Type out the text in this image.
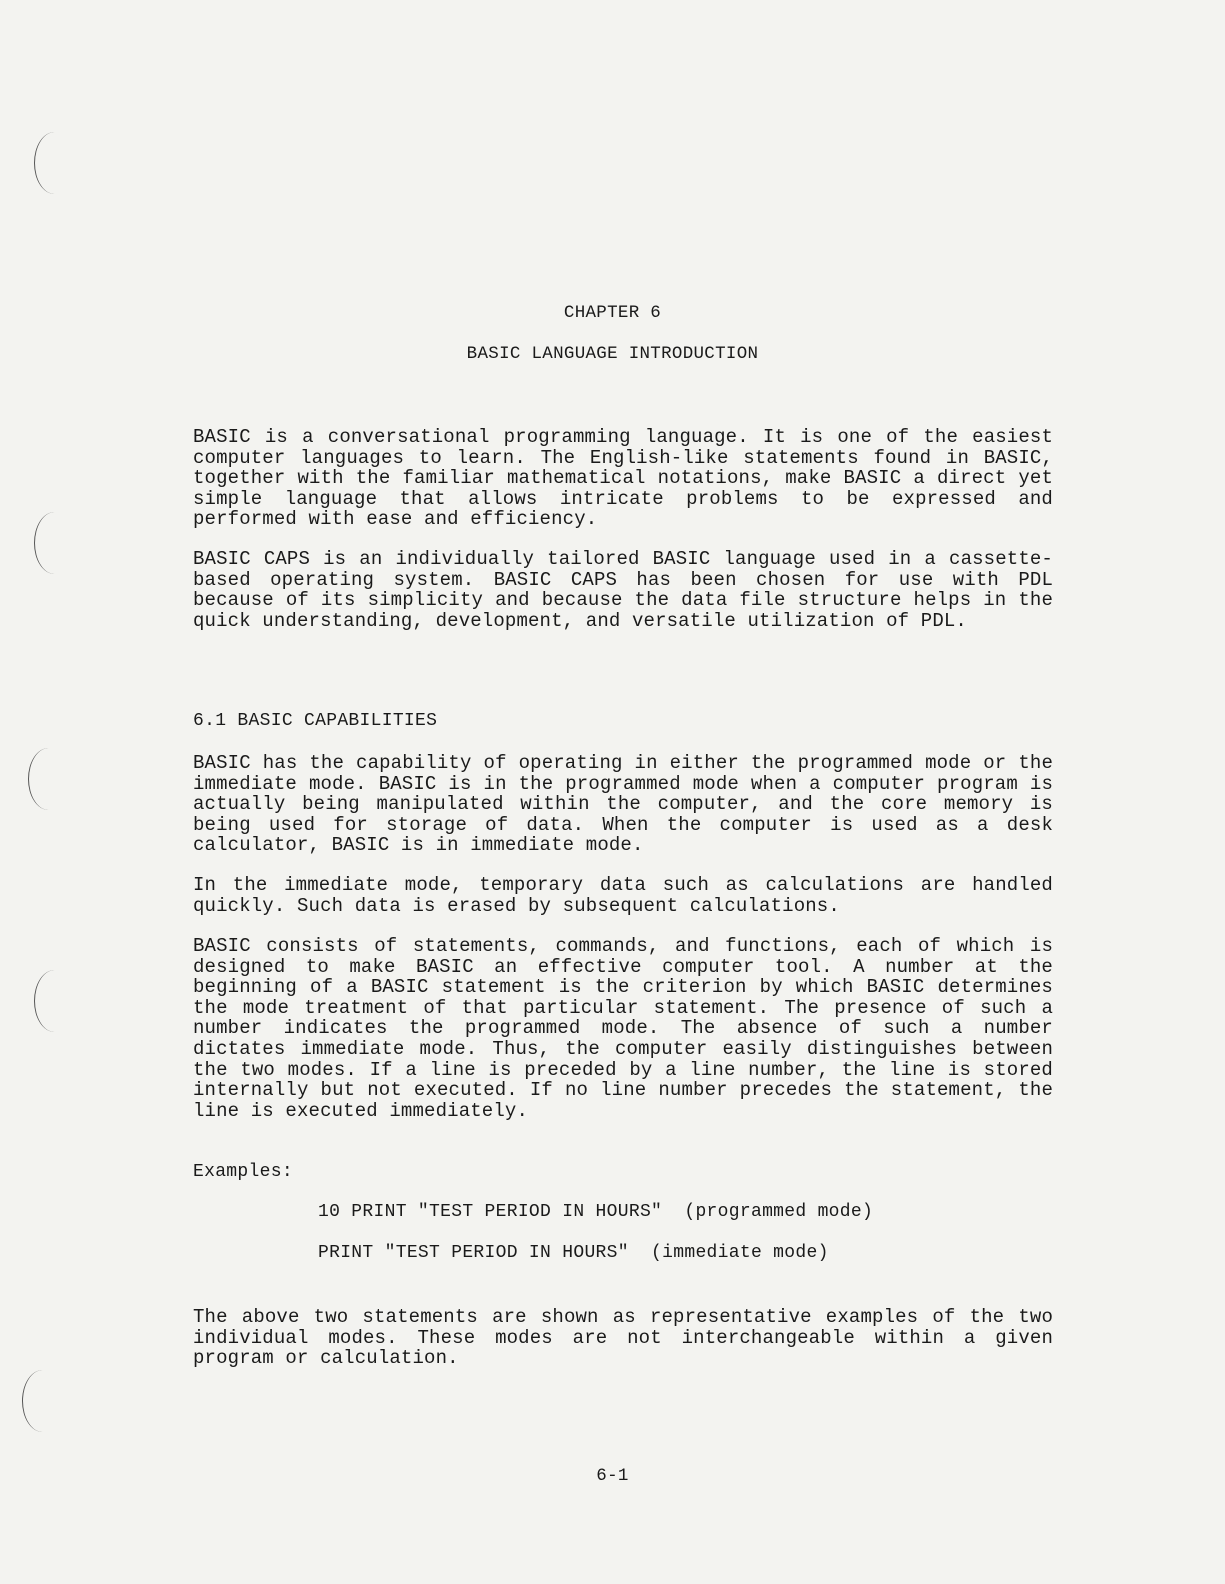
CHAPTER 6
BASIC LANGUAGE INTRODUCTION

BASIC is a conversational programming language. It is one of the easiest computer languages to learn. The English-like statements found in BASIC, together with the familiar mathematical notations, make BASIC a direct yet simple language that allows intricate problems to be expressed and performed with ease and efficiency.

BASIC CAPS is an individually tailored BASIC language used in a cassette-based operating system. BASIC CAPS has been chosen for use with PDL because of its simplicity and because the data file structure helps in the quick understanding, development, and versatile utilization of PDL.

6.1 BASIC CAPABILITIES

BASIC has the capability of operating in either the programmed mode or the immediate mode. BASIC is in the programmed mode when a computer program is actually being manipulated within the computer, and the core memory is being used for storage of data. When the computer is used as a desk calculator, BASIC is in immediate mode.

In the immediate mode, temporary data such as calculations are handled quickly. Such data is erased by subsequent calculations.

BASIC consists of statements, commands, and functions, each of which is designed to make BASIC an effective computer tool. A number at the beginning of a BASIC statement is the criterion by which BASIC determines the mode treatment of that particular statement. The presence of such a number indicates the programmed mode. The absence of such a number dictates immediate mode. Thus, the computer easily distinguishes between the two modes. If a line is preceded by a line number, the line is stored internally but not executed. If no line number precedes the statement, the line is executed immediately.

Examples:
10 PRINT "TEST PERIOD IN HOURS"  (programmed mode)
PRINT "TEST PERIOD IN HOURS"  (immediate mode)

The above two statements are shown as representative examples of the two individual modes. These modes are not interchangeable within a given program or calculation.

6-1
